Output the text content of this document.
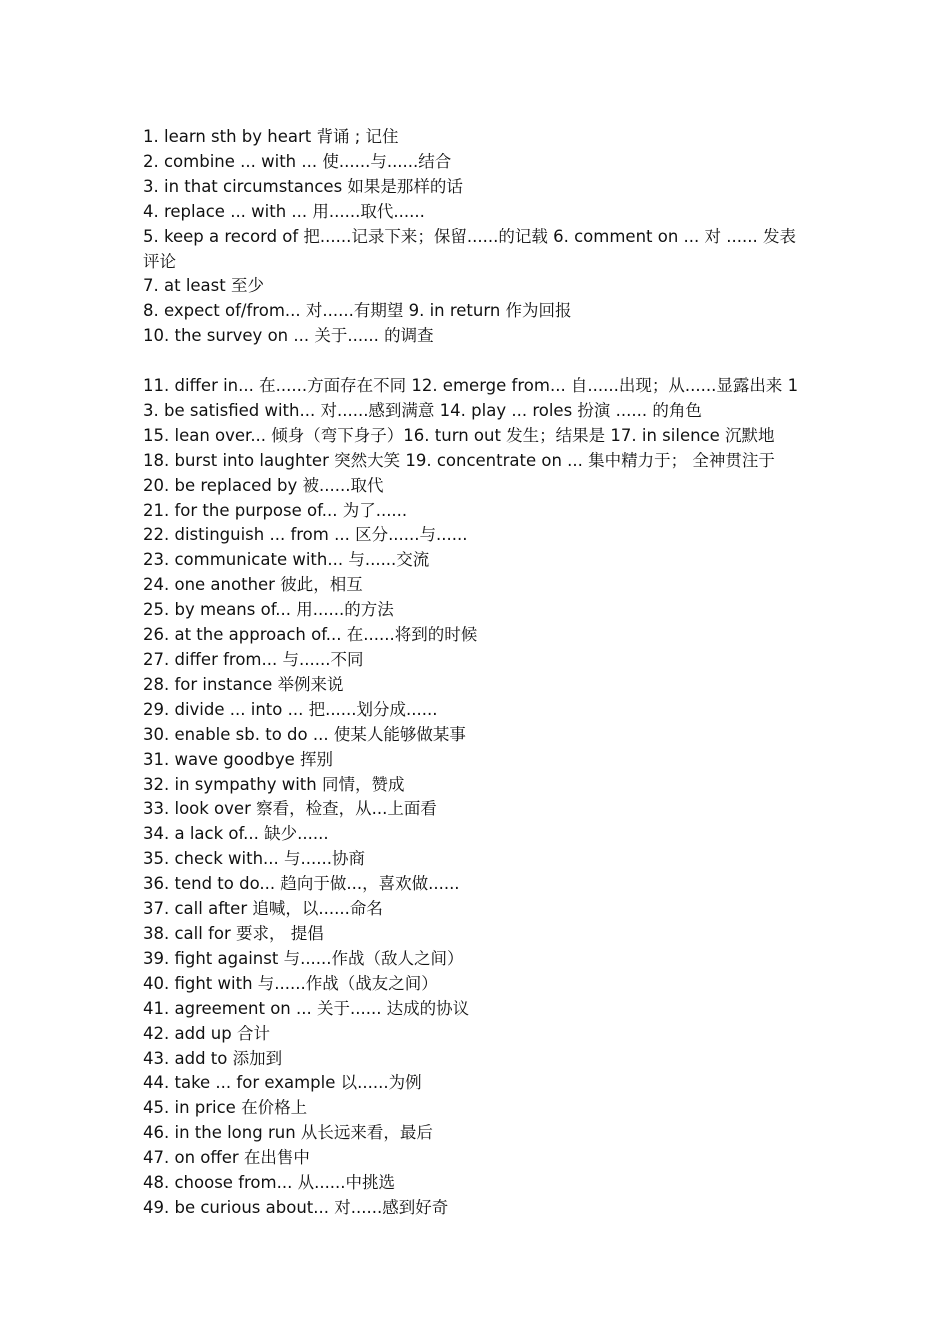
1. learn sth by heart 背诵 ; 记住

2. combine ... with ... 使......与......结合

3. in that circumstances 如果是那样的话

4. replace ... with ... 用......取代......

5. keep a record of 把......记录下来；保留......的记载 6. comment on ... 对 ...... 发表评论

7. at least 至少

8. expect of/from... 对......有期望 9. in return 作为回报

10. the survey on ... 关于...... 的调查

11. differ in... 在......方面存在不同 12. emerge from... 自......出现；从......显露出来 13. be satisfied with... 对......感到满意 14. play ... roles 扮演 ...... 的角色

15. lean over... 倾身（弯下身子）16. turn out 发生；结果是 17. in silence 沉默地

18. burst into laughter 突然大笑 19. concentrate on ... 集中精力于； 全神贯注于

20. be replaced by 被......取代

21. for the purpose of... 为了......

22. distinguish ... from ... 区分......与......

23. communicate with... 与......交流

24. one another 彼此，相互

25. by means of... 用......的方法

26. at the approach of... 在......将到的时候

27. differ from... 与......不同

28. for instance 举例来说

29. divide ... into ... 把......划分成......

30. enable sb. to do ... 使某人能够做某事

31. wave goodbye 挥别

32. in sympathy with 同情，赞成

33. look over 察看，检查，从...上面看

34. a lack of... 缺少......

35. check with... 与......协商

36. tend to do... 趋向于做...，喜欢做......

37. call after 追喊，以......命名

38. call for 要求， 提倡

39. fight against 与......作战（敌人之间）

40. fight with 与......作战（战友之间）

41. agreement on ... 关于...... 达成的协议

42. add up 合计

43. add to 添加到

44. take ... for example 以......为例

45. in price 在价格上

46. in the long run 从长远来看，最后

47. on offer 在出售中

48. choose from... 从......中挑选

49. be curious about... 对......感到好奇
